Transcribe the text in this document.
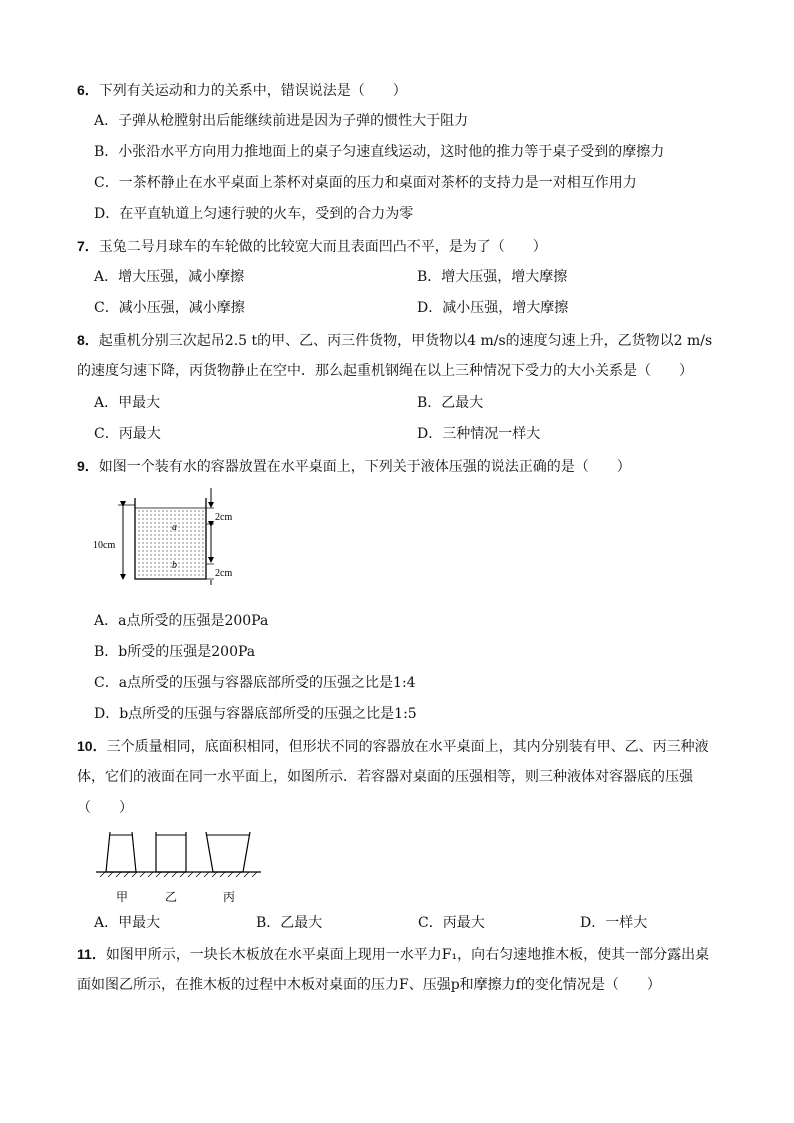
6．下列有关运动和力的关系中，错误说法是（　　）
A．子弹从枪膛射出后能继续前进是因为子弹的惯性大于阻力
B．小张沿水平方向用力推地面上的桌子匀速直线运动，这时他的推力等于桌子受到的摩擦力
C．一茶杯静止在水平桌面上茶杯对桌面的压力和桌面对茶杯的支持力是一对相互作用力
D．在平直轨道上匀速行驶的火车，受到的合力为零
7．玉兔二号月球车的车轮做的比较宽大而且表面凹凸不平，是为了（　　）
A．增大压强，减小摩擦	B．增大压强，增大摩擦
C．减小压强，减小摩擦	D．减小压强，增大摩擦
8．起重机分别三次起吊2.5 t的甲、乙、丙三件货物，甲货物以4 m/s的速度匀速上升，乙货物以2 m/s
的速度匀速下降，丙货物静止在空中．那么起重机钢绳在以上三种情况下受力的大小关系是（　　）
A．甲最大	B．乙最大
C．丙最大	D．三种情况一样大
9．如图一个装有水的容器放置在水平桌面上，下列关于液体压强的说法正确的是（　　）
10cm
a
b
2cm
2cm
A．a点所受的压强是200Pa
B．b所受的压强是200Pa
C．a点所受的压强与容器底部所受的压强之比是1:4
D．b点所受的压强与容器底部所受的压强之比是1:5
10．三个质量相同，底面积相同，但形状不同的容器放在水平桌面上，其内分别装有甲、乙、丙三种液
体，它们的液面在同一水平面上，如图所示．若容器对桌面的压强相等，则三种液体对容器底的压强
（　　）
甲	乙	丙
A．甲最大	B．乙最大	C．丙最大	D．一样大
11．如图甲所示，一块长木板放在水平桌面上现用一水平力F₁，向右匀速地推木板，使其一部分露出桌
面如图乙所示，在推木板的过程中木板对桌面的压力F、压强p和摩擦力f的变化情况是（　　）
